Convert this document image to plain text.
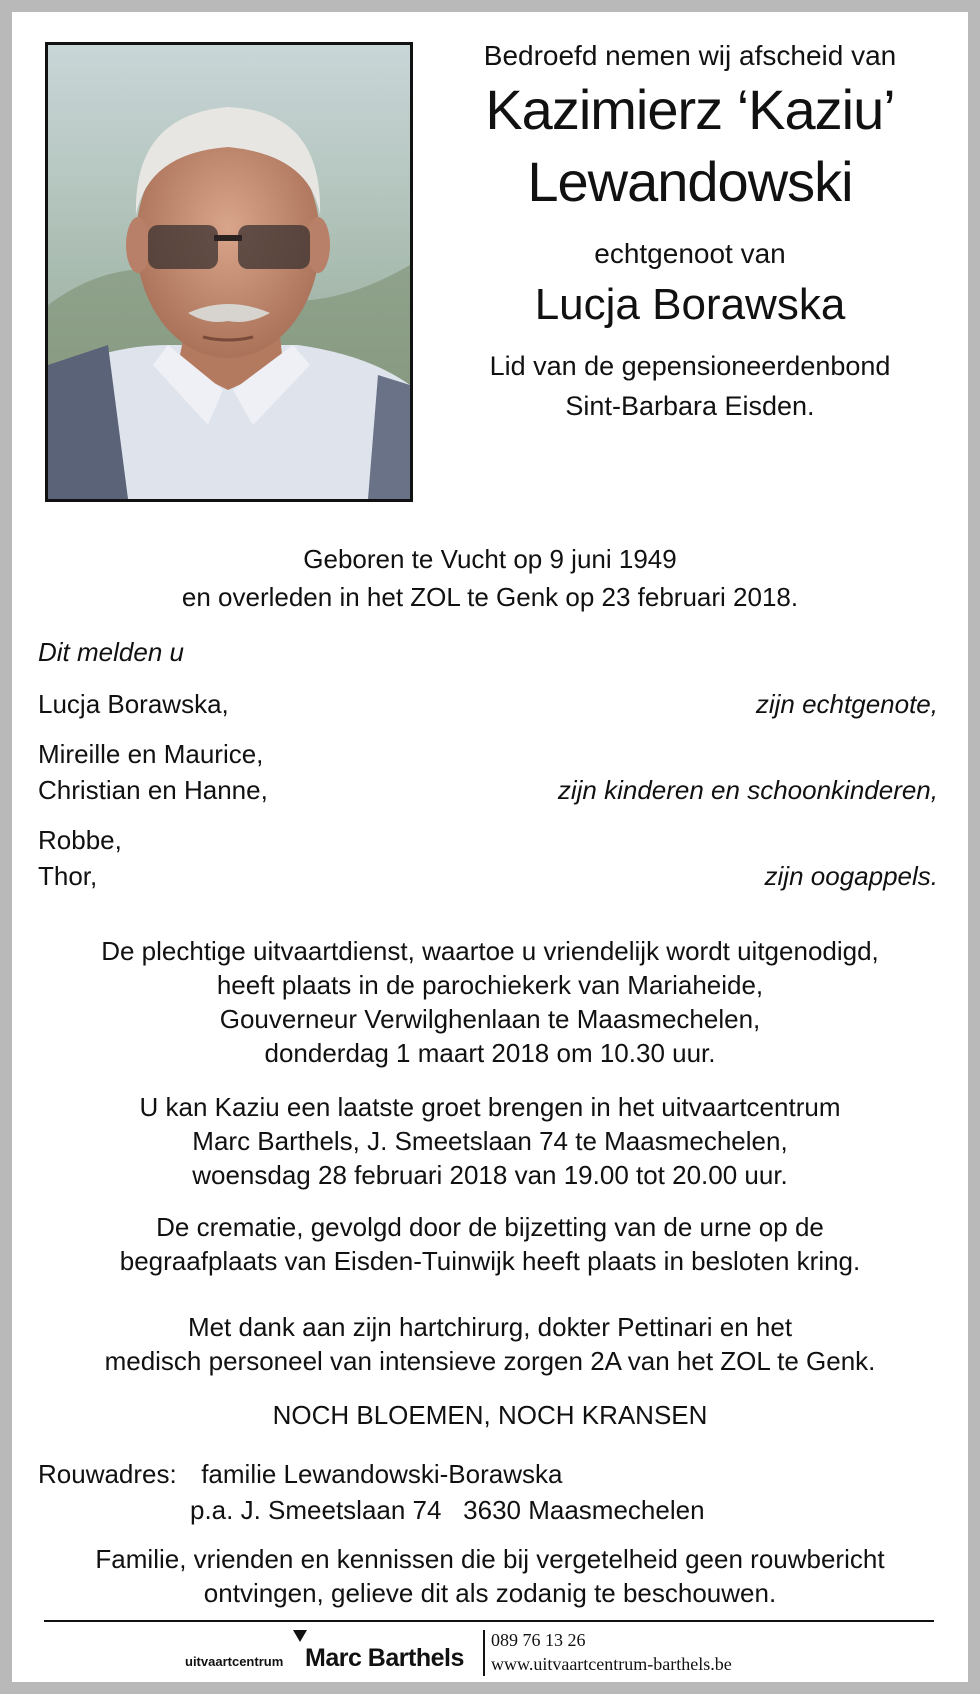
Bedroefd nemen wij afscheid van
Kazimierz ‘Kaziu’
Lewandowski
echtgenoot van
Lucja Borawska
Lid van de gepensioneerdenbond
Sint-Barbara Eisden.
Geboren te Vucht op 9 juni 1949
en overleden in het ZOL te Genk op 23 februari 2018.
Dit melden u
Lucja Borawska,	zijn echtgenote,
Mireille en Maurice,
Christian en Hanne,	zijn kinderen en schoonkinderen,
Robbe,
Thor,	zijn oogappels.
De plechtige uitvaartdienst, waartoe u vriendelijk wordt uitgenodigd,
heeft plaats in de parochiekerk van Mariaheide,
Gouverneur Verwilghenlaan te Maasmechelen,
donderdag 1 maart 2018 om 10.30 uur.
U kan Kaziu een laatste groet brengen in het uitvaartcentrum
Marc Barthels, J. Smeetslaan 74 te Maasmechelen,
woensdag 28 februari 2018 van 19.00 tot 20.00 uur.
De crematie, gevolgd door de bijzetting van de urne op de
begraafplaats van Eisden-Tuinwijk heeft plaats in besloten kring.
Met dank aan zijn hartchirurg, dokter Pettinari en het
medisch personeel van intensieve zorgen 2A van het ZOL te Genk.
NOCH BLOEMEN, NOCH KRANSEN
Rouwadres: familie Lewandowski-Borawska
p.a. J. Smeetslaan 74   3630 Maasmechelen
Familie, vrienden en kennissen die bij vergetelheid geen rouwbericht
ontvingen, gelieve dit als zodanig te beschouwen.
uitvaartcentrum Marc Barthels
089 76 13 26
www.uitvaartcentrum-barthels.be
